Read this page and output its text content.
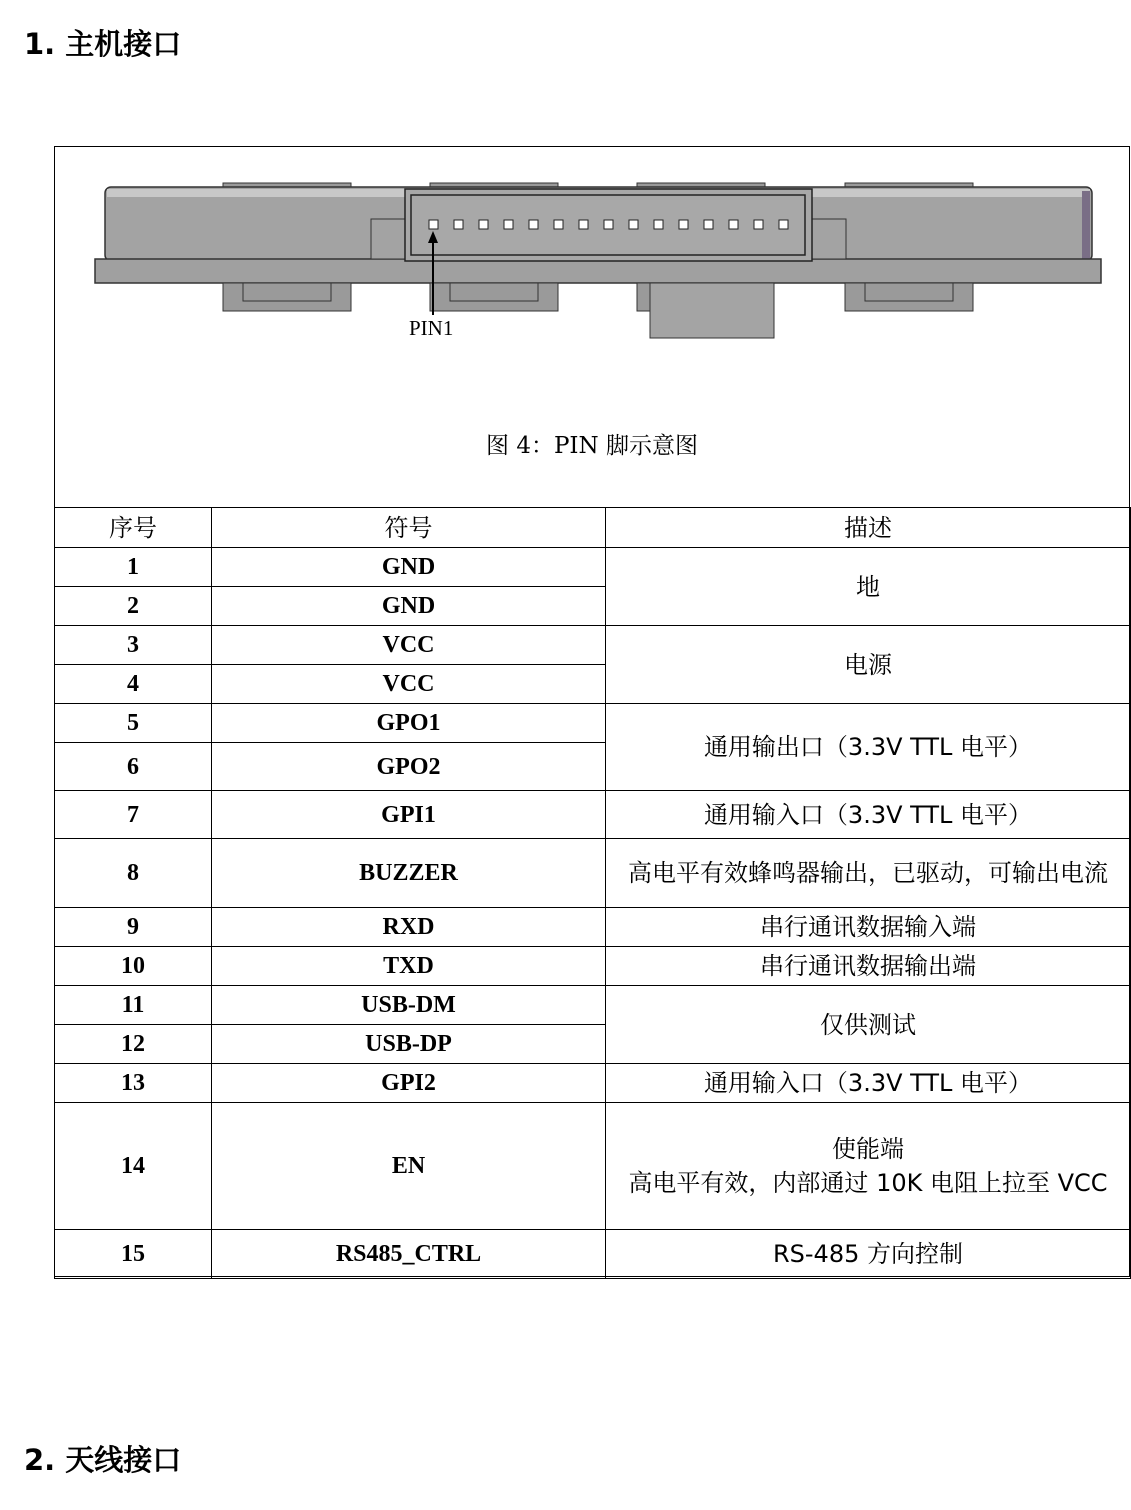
1. 主机接口
PIN1
图 4：PIN 脚示意图
序号	符号	描述
1	GND	地
2	GND	
3	VCC	电源
4	VCC	
5	GPO1	通用输出口（3.3V TTL 电平）
6	GPO2	
7	GPI1	通用输入口（3.3V TTL 电平）
8	BUZZER	高电平有效蜂鸣器输出，已驱动，可输出电流
9	RXD	串行通讯数据输入端
10	TXD	串行通讯数据输出端
11	USB-DM	仅供测试
12	USB-DP	
13	GPI2	通用输入口（3.3V TTL 电平）
14	EN	使能端
高电平有效，内部通过 10K 电阻上拉至 VCC

15	RS485_CTRL	RS-485 方向控制
2. 天线接口
